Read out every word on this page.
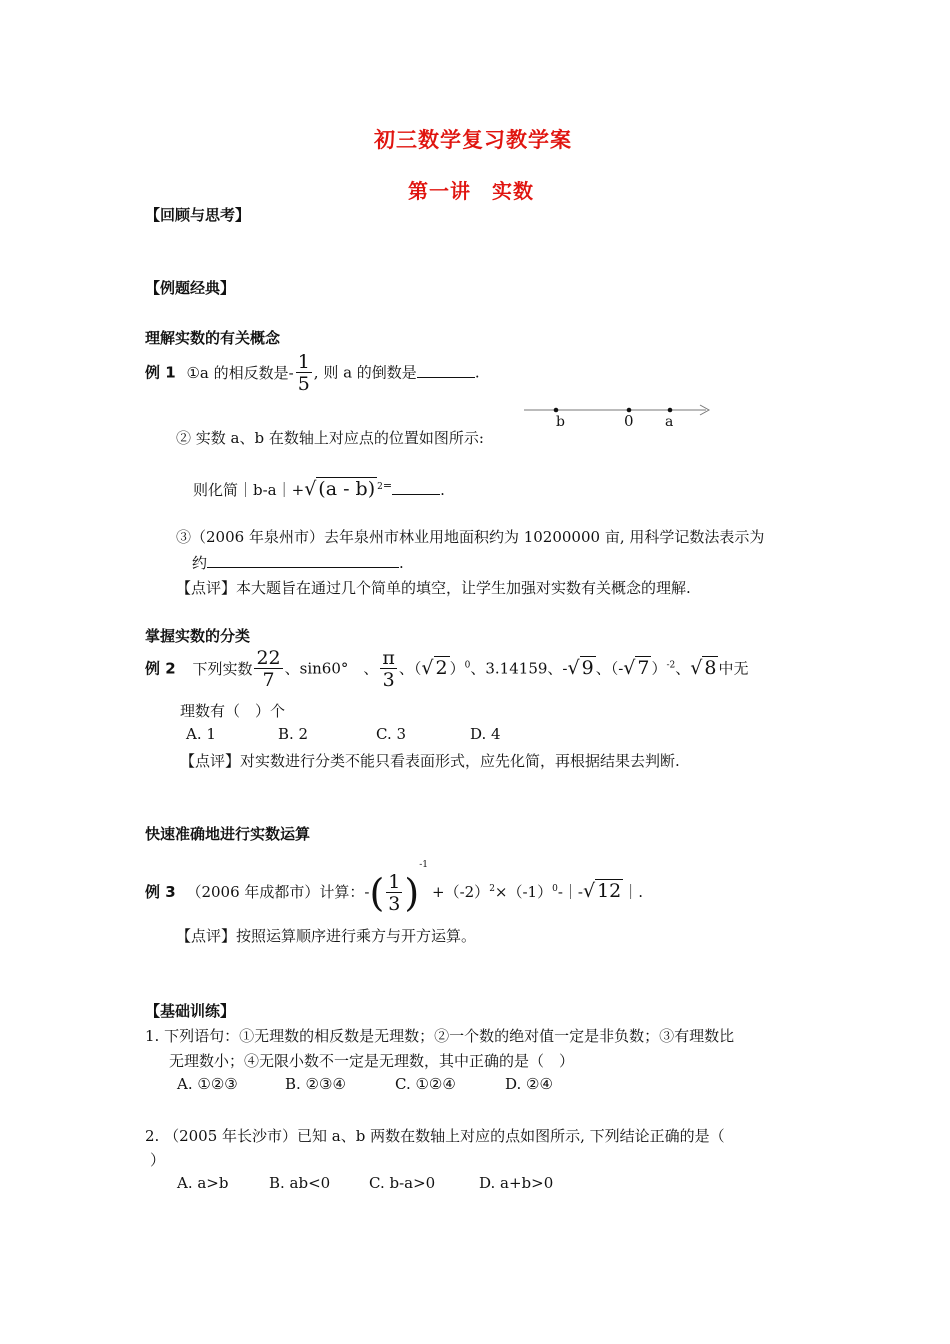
初三数学复习教学案
第一讲　实数
【回顾与思考】
【例题经典】
理解实数的有关概念
例 1 ①a 的相反数是- $\frac{1}{5}$ , 则 a 的倒数是	.
b	0 a
② 实数 a、b 在数轴上对应点的位置如图所示:
则化简｜b-a｜+√ (a - b) $^{2=}$	.
③（2006 年泉州市）去年泉州市林业用地面积约为 10200000 亩, 用科学记数法表示为
约	.
【点评】本大题旨在通过几个简单的填空，让学生加强对实数有关概念的理解.
掌握实数的分类
例 2 下列实数 $\frac{22}{7}$ 、sin60°　、 $\frac{\pi}{3}$ 、（√ 2 ）$^0$、3.14159、-√ 9 、（-√ 7 ）$^{-2}$、√ 8 中无
理数有（　）个
A. 1	B. 2	C. 3	D. 4
【点评】对实数进行分类不能只看表面形式，应先化简，再根据结果去判断.
快速准确地进行实数运算
例 3 （2006 年成都市）计算：-( $\frac{1}{3}$ )$^{-1}+(-2)^2\times(-1)^0-|-√$ 12 ｜.
【点评】按照运算顺序进行乘方与开方运算。
【基础训练】
1. 下列语句：①无理数的相反数是无理数；②一个数的绝对值一定是非负数；③有理数比
无理数小；④无限小数不一定是无理数，其中正确的是（　）
A. ①②③	B. ②③④	C. ①②④	D. ②④
2. （2005 年长沙市）已知 a、b 两数在数轴上对应的点如图所示, 下列结论正确的是（
）
A. a>b	B. ab<0	C. b-a>0	D. a+b>0
